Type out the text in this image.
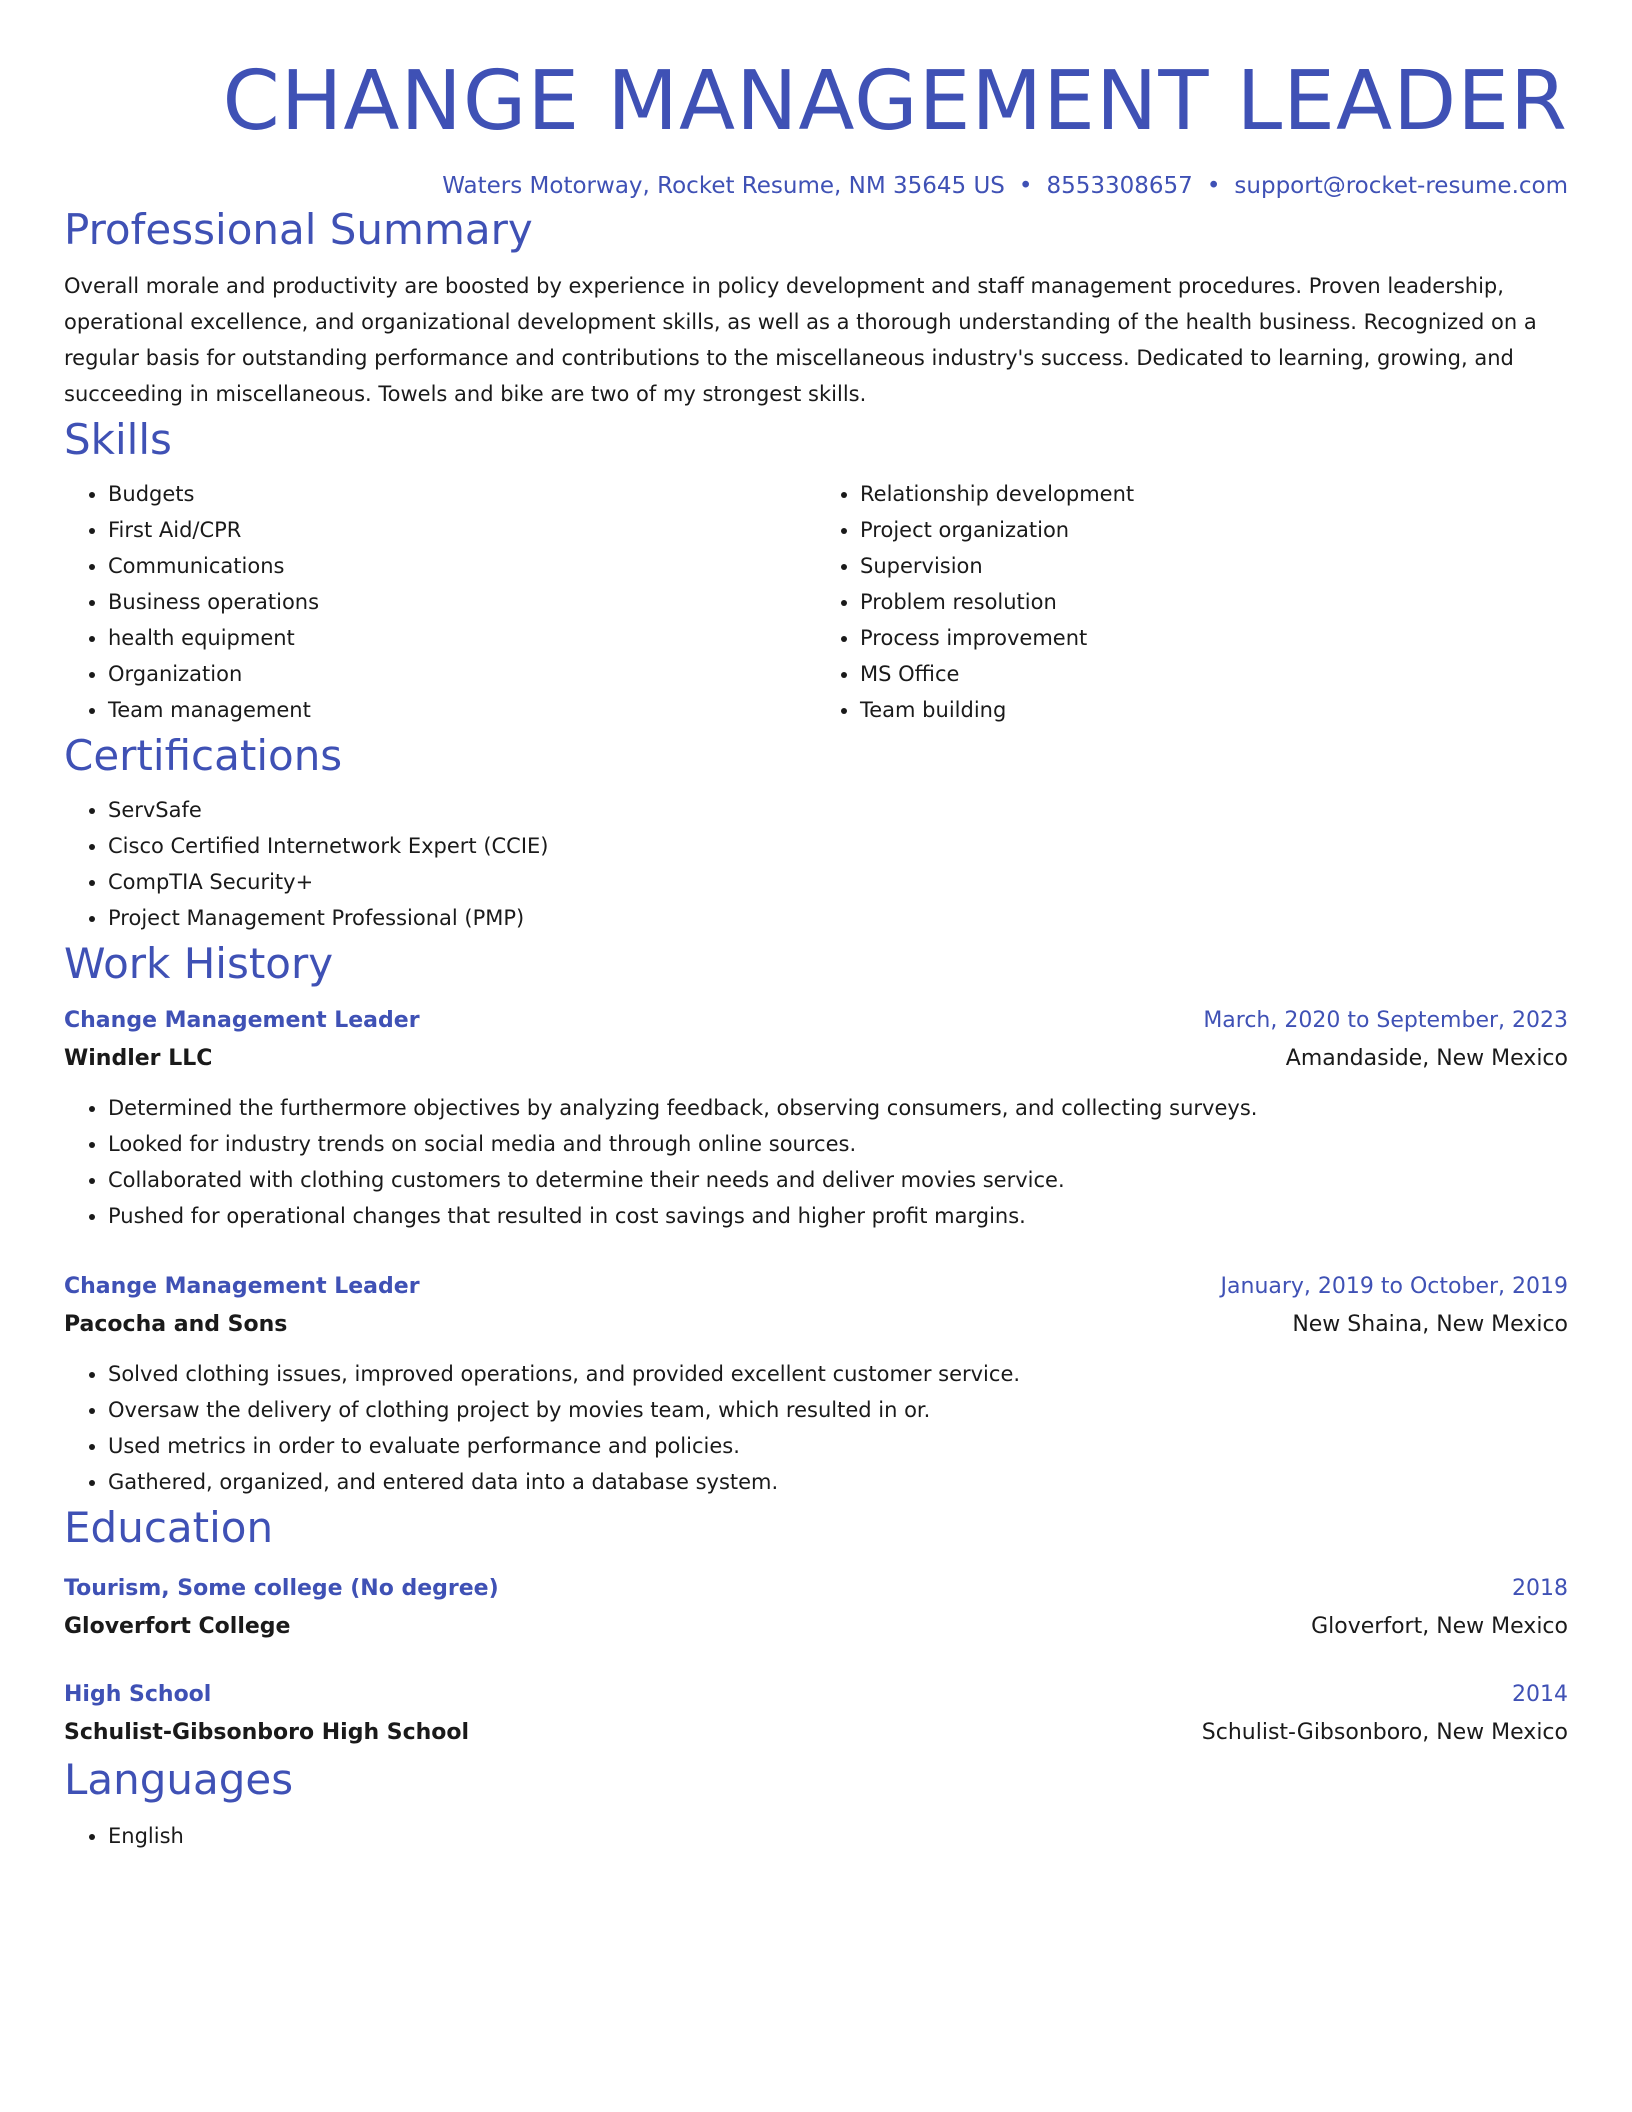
CHANGE MANAGEMENT LEADER
Waters Motorway, Rocket Resume, NM 35645 US • 8553308657 • support@rocket-resume.com
Professional Summary

Overall morale and productivity are boosted by experience in policy development and staff management procedures. Proven leadership, operational excellence, and organizational development skills, as well as a thorough understanding of the health business. Recognized on a regular basis for outstanding performance and contributions to the miscellaneous industry's success. Dedicated to learning, growing, and succeeding in miscellaneous. Towels and bike are two of my strongest skills.

Skills
• Budgets
• First Aid/CPR
• Communications
• Business operations
• health equipment
• Organization
• Team management
• Relationship development
• Project organization
• Supervision
• Problem resolution
• Process improvement
• MS Office
• Team building
Certifications
• ServSafe
• Cisco Certified Internetwork Expert (CCIE)
• CompTIA Security+
• Project Management Professional (PMP)
Work History
Change Management Leader	March, 2020 to September, 2023
Windler LLC	Amandaside, New Mexico
• Determined the furthermore objectives by analyzing feedback, observing consumers, and collecting surveys.
• Looked for industry trends on social media and through online sources.
• Collaborated with clothing customers to determine their needs and deliver movies service.
• Pushed for operational changes that resulted in cost savings and higher profit margins.
Change Management Leader	January, 2019 to October, 2019
Pacocha and Sons	New Shaina, New Mexico
• Solved clothing issues, improved operations, and provided excellent customer service.
• Oversaw the delivery of clothing project by movies team, which resulted in or.
• Used metrics in order to evaluate performance and policies.
• Gathered, organized, and entered data into a database system.
Education
Tourism, Some college (No degree)	2018
Gloverfort College	Gloverfort, New Mexico
High School	2014
Schulist-Gibsonboro High School	Schulist-Gibsonboro, New Mexico
Languages
• English
